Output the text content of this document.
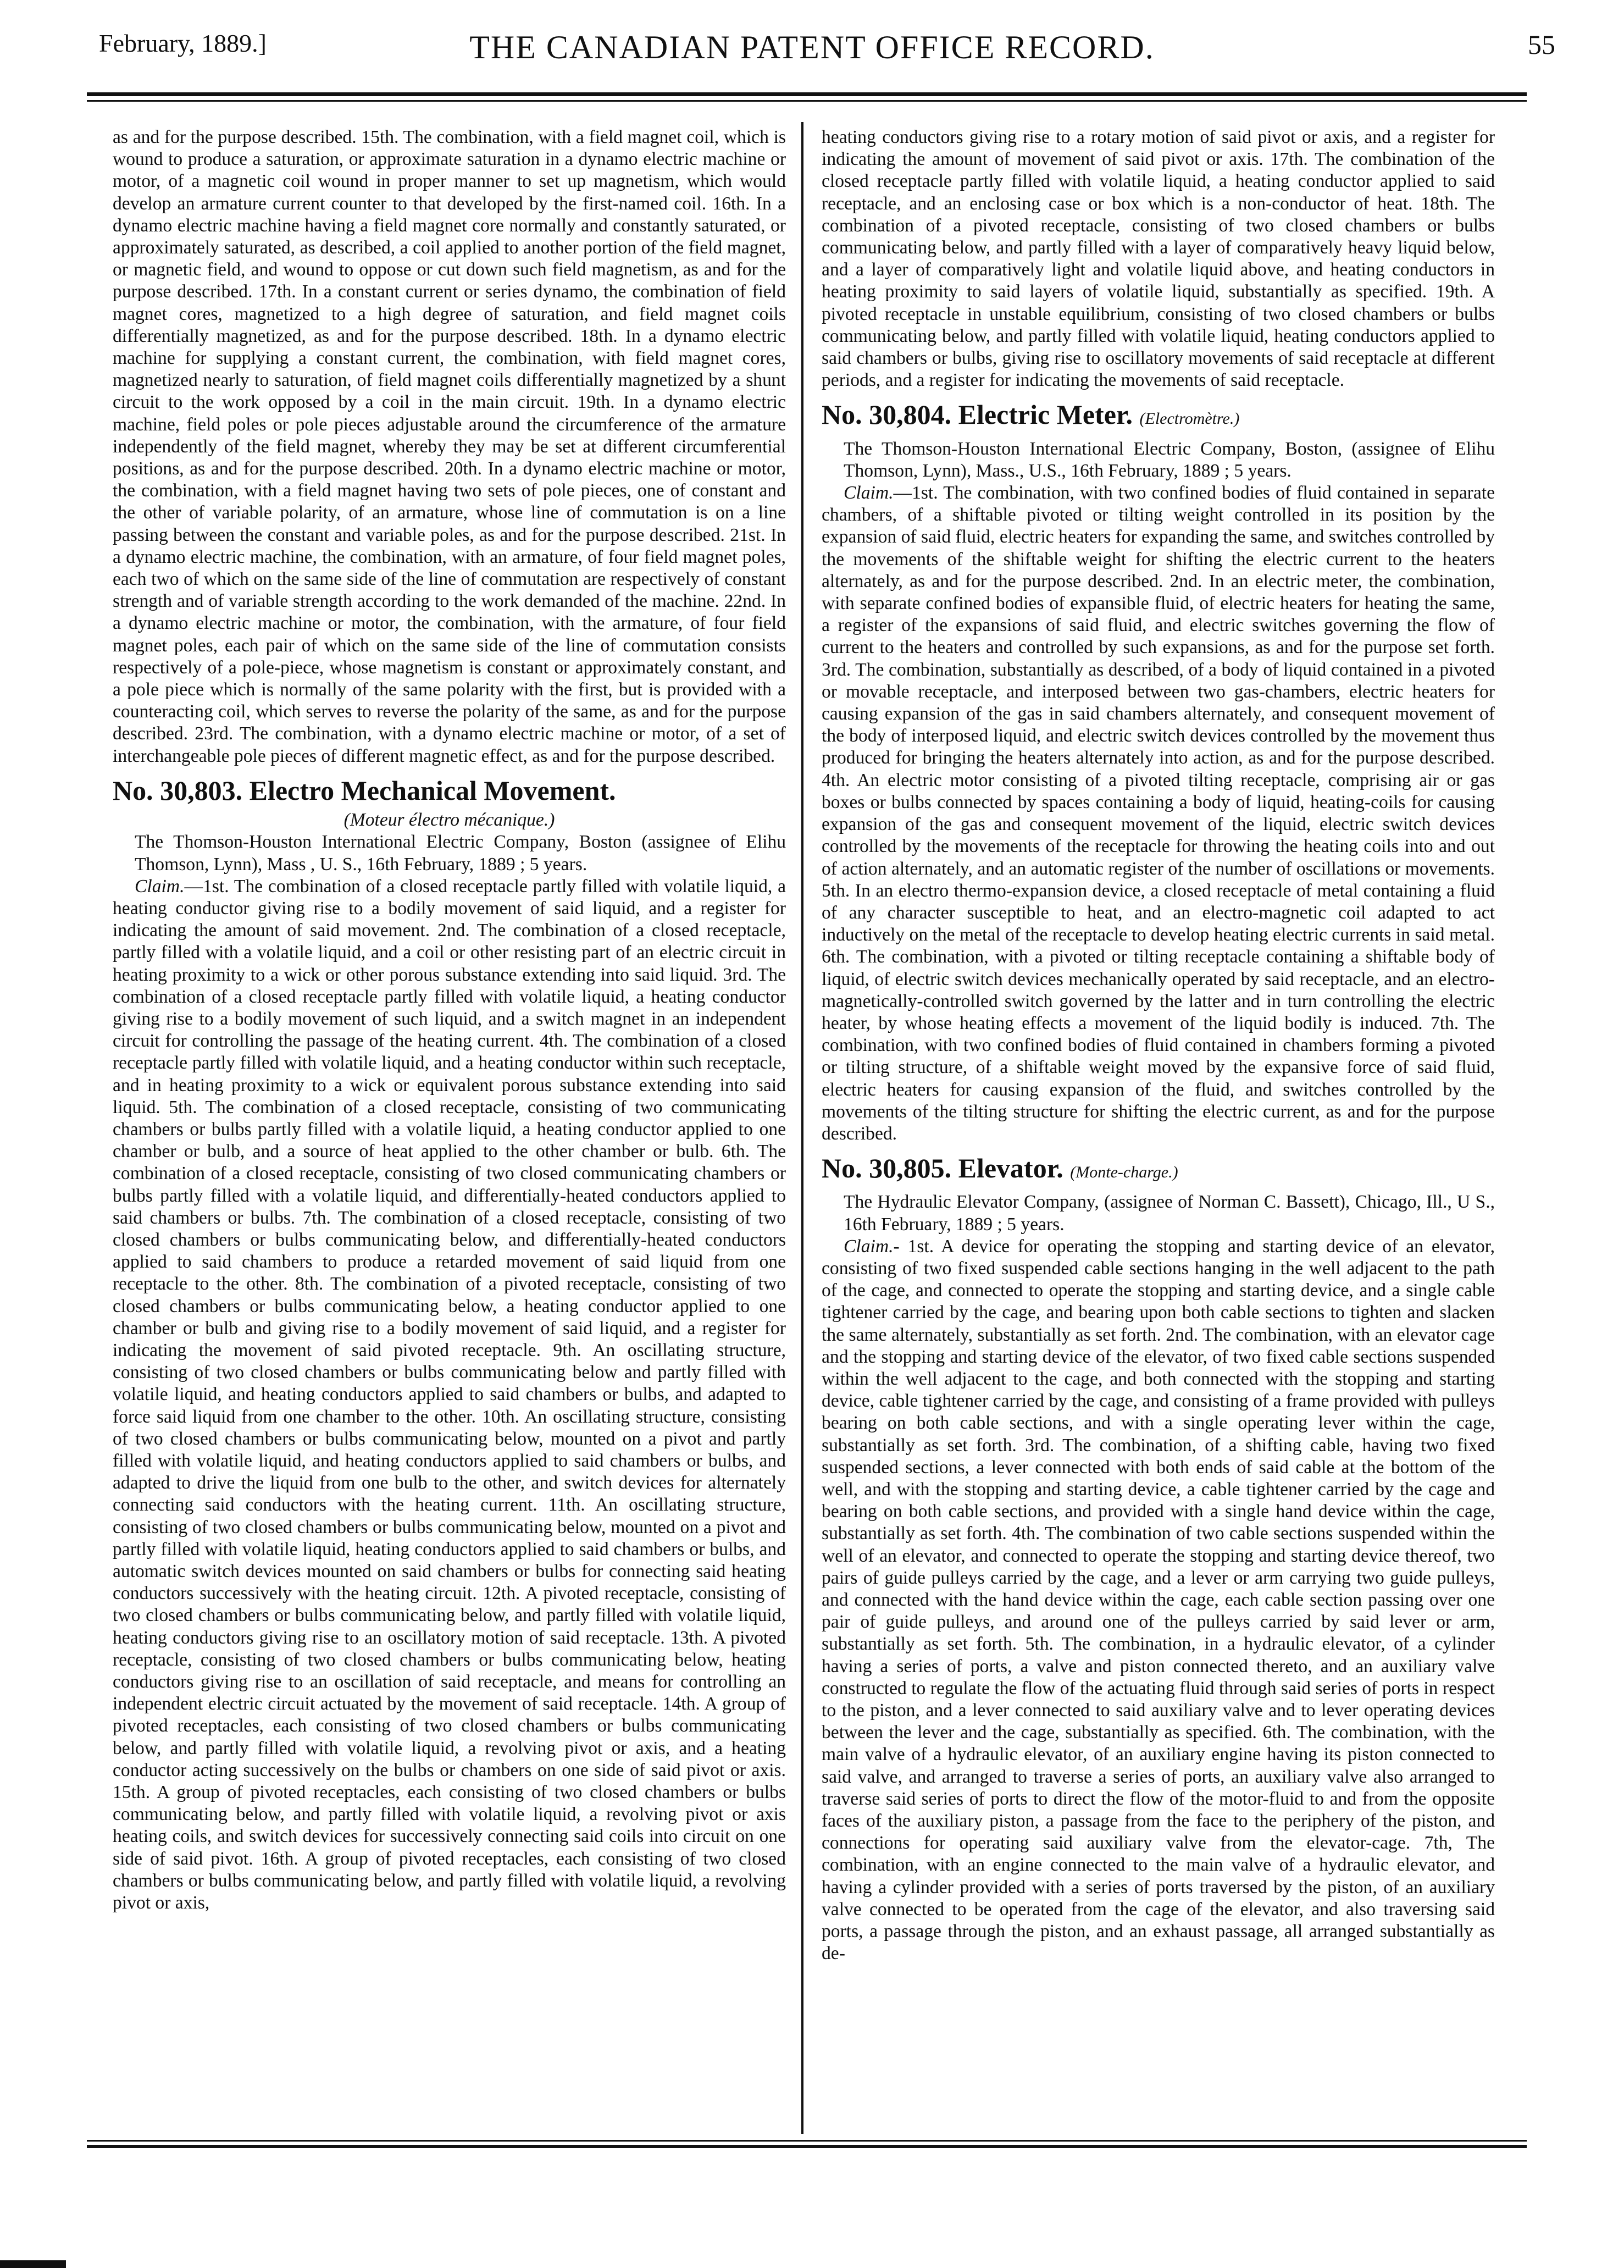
February, 1889.]	THE CANADIAN PATENT OFFICE RECORD.	55

as and for the purpose described. 15th. The combination, with a field magnet coil, which is wound to produce a saturation, or approximate saturation in a dynamo electric machine or motor, of a magnetic coil wound in proper manner to set up magnetism, which would develop an armature current counter to that developed by the first-named coil. 16th. In a dynamo electric machine having a field magnet core normally and constantly saturated, or approximately saturated, as described, a coil applied to another portion of the field magnet, or magnetic field, and wound to oppose or cut down such field magnetism, as and for the purpose described. 17th. In a constant current or series dynamo, the combination of field magnet cores, magnetized to a high degree of saturation, and field magnet coils differentially magnetized, as and for the purpose described. 18th. In a dynamo electric machine for supplying a constant current, the combination, with field magnet cores, magnetized nearly to saturation, of field magnet coils differentially magnetized by a shunt circuit to the work opposed by a coil in the main circuit. 19th. In a dynamo electric machine, field poles or pole pieces adjustable around the circumference of the armature independently of the field magnet, whereby they may be set at different circumferential positions, as and for the purpose described. 20th. In a dynamo electric machine or motor, the combination, with a field magnet having two sets of pole pieces, one of constant and the other of variable polarity, of an armature, whose line of commutation is on a line passing between the constant and variable poles, as and for the purpose described. 21st. In a dynamo electric machine, the combination, with an armature, of four field magnet poles, each two of which on the same side of the line of commutation are respectively of constant strength and of variable strength according to the work demanded of the machine. 22nd. In a dynamo electric machine or motor, the combination, with the armature, of four field magnet poles, each pair of which on the same side of the line of commutation consists respectively of a pole-piece, whose magnetism is constant or approximately constant, and a pole piece which is normally of the same polarity with the first, but is provided with a counteracting coil, which serves to reverse the polarity of the same, as and for the purpose described. 23rd. The combination, with a dynamo electric machine or motor, of a set of interchangeable pole pieces of different magnetic effect, as and for the purpose described.

No. 30,803. Electro Mechanical Movement.

(Moteur électro mécanique.)

The Thomson-Houston International Electric Company, Boston (assignee of Elihu Thomson, Lynn), Mass , U. S., 16th February, 1889 ; 5 years.

Claim.—1st. The combination of a closed receptacle partly filled with volatile liquid, a heating conductor giving rise to a bodily movement of said liquid, and a register for indicating the amount of said movement. 2nd. The combination of a closed receptacle, partly filled with a volatile liquid, and a coil or other resisting part of an electric circuit in heating proximity to a wick or other porous substance extending into said liquid. 3rd. The combination of a closed receptacle partly filled with volatile liquid, a heating conductor giving rise to a bodily movement of such liquid, and a switch magnet in an independent circuit for controlling the passage of the heating current. 4th. The combination of a closed receptacle partly filled with volatile liquid, and a heating conductor within such receptacle, and in heating proximity to a wick or equivalent porous substance extending into said liquid. 5th. The combination of a closed receptacle, consisting of two communicating chambers or bulbs partly filled with a volatile liquid, a heating conductor applied to one chamber or bulb, and a source of heat applied to the other chamber or bulb. 6th. The combination of a closed receptacle, consisting of two closed communicating chambers or bulbs partly filled with a volatile liquid, and differentially-heated conductors applied to said chambers or bulbs. 7th. The combination of a closed receptacle, consisting of two closed chambers or bulbs communicating below, and differentially-heated conductors applied to said chambers to produce a retarded movement of said liquid from one receptacle to the other. 8th. The combination of a pivoted receptacle, consisting of two closed chambers or bulbs communicating below, a heating conductor applied to one chamber or bulb and giving rise to a bodily movement of said liquid, and a register for indicating the movement of said pivoted receptacle. 9th. An oscillating structure, consisting of two closed chambers or bulbs communicating below and partly filled with volatile liquid, and heating conductors applied to said chambers or bulbs, and adapted to force said liquid from one chamber to the other. 10th. An oscillating structure, consisting of two closed chambers or bulbs communicating below, mounted on a pivot and partly filled with volatile liquid, and heating conductors applied to said chambers or bulbs, and adapted to drive the liquid from one bulb to the other, and switch devices for alternately connecting said conductors with the heating current. 11th. An oscillating structure, consisting of two closed chambers or bulbs communicating below, mounted on a pivot and partly filled with volatile liquid, heating conductors applied to said chambers or bulbs, and automatic switch devices mounted on said chambers or bulbs for connecting said heating conductors successively with the heating circuit. 12th. A pivoted receptacle, consisting of two closed chambers or bulbs communicating below, and partly filled with volatile liquid, heating conductors giving rise to an oscillatory motion of said receptacle. 13th. A pivoted receptacle, consisting of two closed chambers or bulbs communicating below, heating conductors giving rise to an oscillation of said receptacle, and means for controlling an independent electric circuit actuated by the movement of said receptacle. 14th. A group of pivoted receptacles, each consisting of two closed chambers or bulbs communicating below, and partly filled with volatile liquid, a revolving pivot or axis, and a heating conductor acting successively on the bulbs or chambers on one side of said pivot or axis. 15th. A group of pivoted receptacles, each consisting of two closed chambers or bulbs communicating below, and partly filled with volatile liquid, a revolving pivot or axis heating coils, and switch devices for successively connecting said coils into circuit on one side of said pivot. 16th. A group of pivoted receptacles, each consisting of two closed chambers or bulbs communicating below, and partly filled with volatile liquid, a revolving pivot or axis,

heating conductors giving rise to a rotary motion of said pivot or axis, and a register for indicating the amount of movement of said pivot or axis. 17th. The combination of the closed receptacle partly filled with volatile liquid, a heating conductor applied to said receptacle, and an enclosing case or box which is a non-conductor of heat. 18th. The combination of a pivoted receptacle, consisting of two closed chambers or bulbs communicating below, and partly filled with a layer of comparatively heavy liquid below, and a layer of comparatively light and volatile liquid above, and heating conductors in heating proximity to said layers of volatile liquid, substantially as specified. 19th. A pivoted receptacle in unstable equilibrium, consisting of two closed chambers or bulbs communicating below, and partly filled with volatile liquid, heating conductors applied to said chambers or bulbs, giving rise to oscillatory movements of said receptacle at different periods, and a register for indicating the movements of said receptacle.

No. 30,804. Electric Meter. (Electromètre.)

The Thomson-Houston International Electric Company, Boston, (assignee of Elihu Thomson, Lynn), Mass., U.S., 16th February, 1889 ; 5 years.

Claim.—1st. The combination, with two confined bodies of fluid contained in separate chambers, of a shiftable pivoted or tilting weight controlled in its position by the expansion of said fluid, electric heaters for expanding the same, and switches controlled by the movements of the shiftable weight for shifting the electric current to the heaters alternately, as and for the purpose described. 2nd. In an electric meter, the combination, with separate confined bodies of expansible fluid, of electric heaters for heating the same, a register of the expansions of said fluid, and electric switches governing the flow of current to the heaters and controlled by such expansions, as and for the purpose set forth. 3rd. The combination, substantially as described, of a body of liquid contained in a pivoted or movable receptacle, and interposed between two gas-chambers, electric heaters for causing expansion of the gas in said chambers alternately, and consequent movement of the body of interposed liquid, and electric switch devices controlled by the movement thus produced for bringing the heaters alternately into action, as and for the purpose described. 4th. An electric motor consisting of a pivoted tilting receptacle, comprising air or gas boxes or bulbs connected by spaces containing a body of liquid, heating-coils for causing expansion of the gas and consequent movement of the liquid, electric switch devices controlled by the movements of the receptacle for throwing the heating coils into and out of action alternately, and an automatic register of the number of oscillations or movements. 5th. In an electro thermo-expansion device, a closed receptacle of metal containing a fluid of any character susceptible to heat, and an electro-magnetic coil adapted to act inductively on the metal of the receptacle to develop heating electric currents in said metal. 6th. The combination, with a pivoted or tilting receptacle containing a shiftable body of liquid, of electric switch devices mechanically operated by said receptacle, and an electro-magnetically-controlled switch governed by the latter and in turn controlling the electric heater, by whose heating effects a movement of the liquid bodily is induced. 7th. The combination, with two confined bodies of fluid contained in chambers forming a pivoted or tilting structure, of a shiftable weight moved by the expansive force of said fluid, electric heaters for causing expansion of the fluid, and switches controlled by the movements of the tilting structure for shifting the electric current, as and for the purpose described.

No. 30,805. Elevator. (Monte-charge.)

The Hydraulic Elevator Company, (assignee of Norman C. Bassett), Chicago, Ill., U S., 16th February, 1889 ; 5 years.

Claim.- 1st. A device for operating the stopping and starting device of an elevator, consisting of two fixed suspended cable sections hanging in the well adjacent to the path of the cage, and connected to operate the stopping and starting device, and a single cable tightener carried by the cage, and bearing upon both cable sections to tighten and slacken the same alternately, substantially as set forth. 2nd. The combination, with an elevator cage and the stopping and starting device of the elevator, of two fixed cable sections suspended within the well adjacent to the cage, and both connected with the stopping and starting device, cable tightener carried by the cage, and consisting of a frame provided with pulleys bearing on both cable sections, and with a single operating lever within the cage, substantially as set forth. 3rd. The combination, of a shifting cable, having two fixed suspended sections, a lever connected with both ends of said cable at the bottom of the well, and with the stopping and starting device, a cable tightener carried by the cage and bearing on both cable sections, and provided with a single hand device within the cage, substantially as set forth. 4th. The combination of two cable sections suspended within the well of an elevator, and connected to operate the stopping and starting device thereof, two pairs of guide pulleys carried by the cage, and a lever or arm carrying two guide pulleys, and connected with the hand device within the cage, each cable section passing over one pair of guide pulleys, and around one of the pulleys carried by said lever or arm, substantially as set forth. 5th. The combination, in a hydraulic elevator, of a cylinder having a series of ports, a valve and piston connected thereto, and an auxiliary valve constructed to regulate the flow of the actuating fluid through said series of ports in respect to the piston, and a lever connected to said auxiliary valve and to lever operating devices between the lever and the cage, substantially as specified. 6th. The combination, with the main valve of a hydraulic elevator, of an auxiliary engine having its piston connected to said valve, and arranged to traverse a series of ports, an auxiliary valve also arranged to traverse said series of ports to direct the flow of the motor-fluid to and from the opposite faces of the auxiliary piston, a passage from the face to the periphery of the piston, and connections for operating said auxiliary valve from the elevator-cage. 7th, The combination, with an engine connected to the main valve of a hydraulic elevator, and having a cylinder provided with a series of ports traversed by the piston, of an auxiliary valve connected to be operated from the cage of the elevator, and also traversing said ports, a passage through the piston, and an exhaust passage, all arranged substantially as de-
